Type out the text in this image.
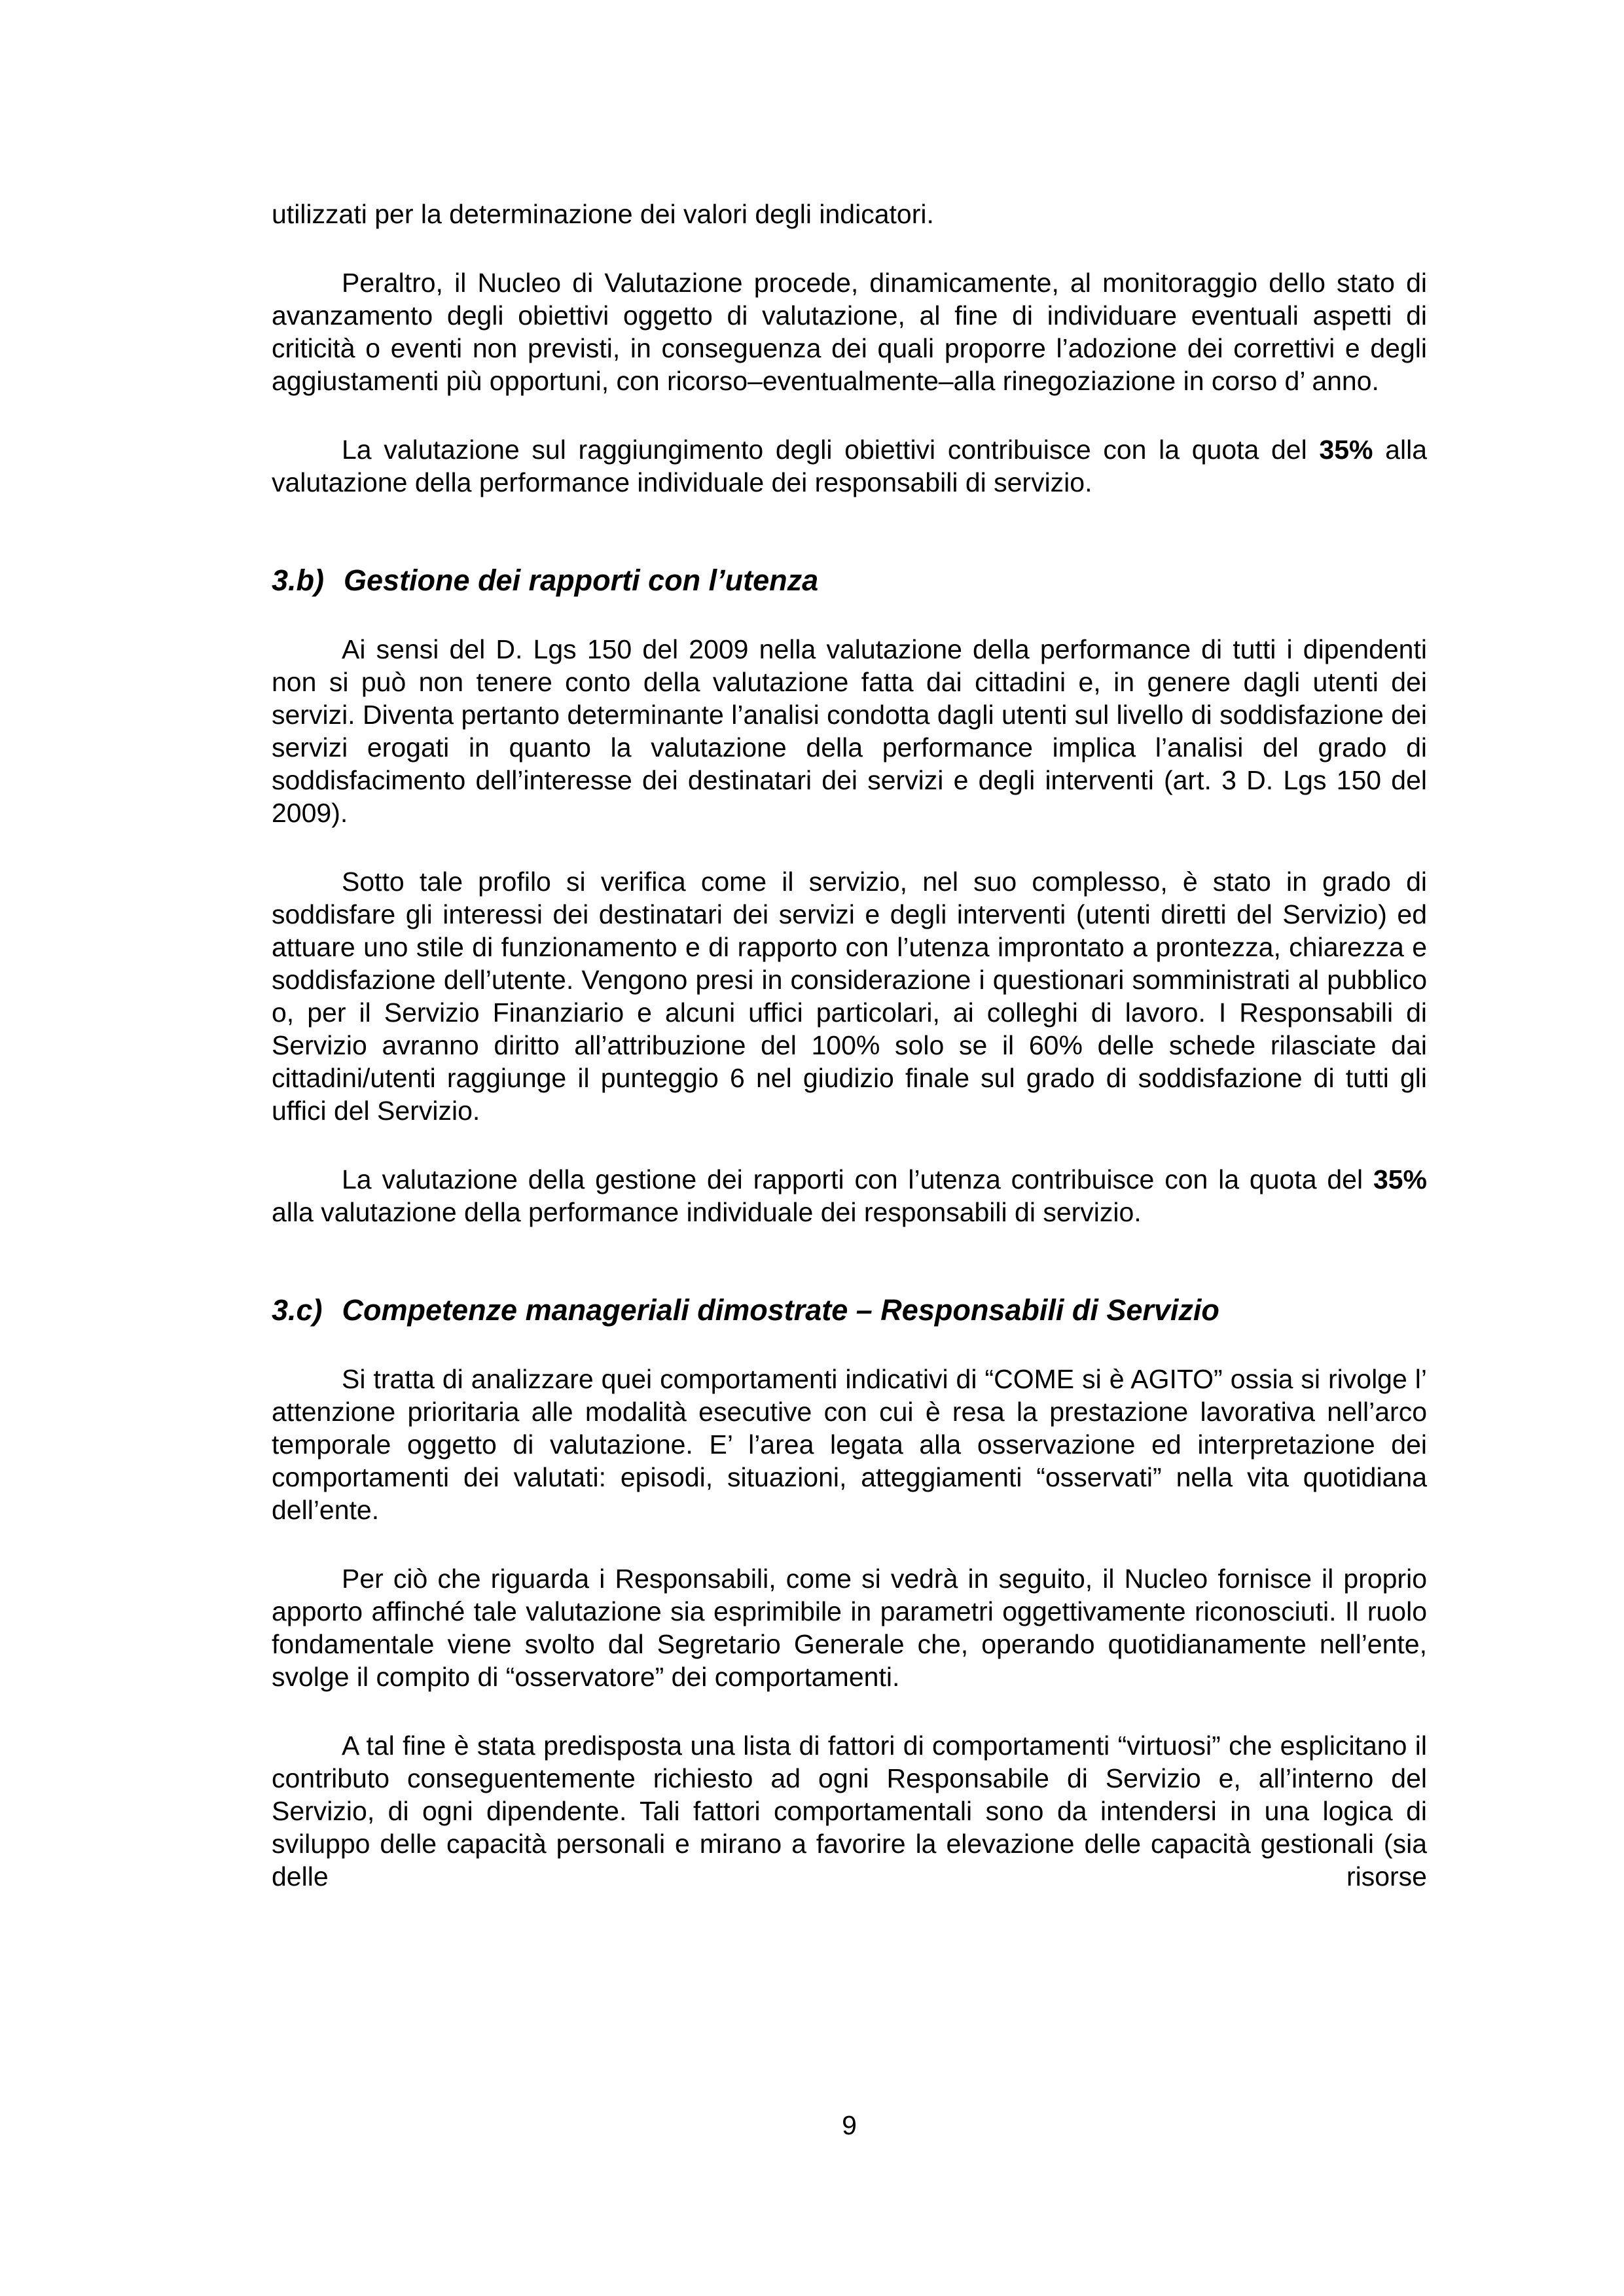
utilizzati per la determinazione dei valori degli indicatori.

Peraltro, il Nucleo di Valutazione procede, dinamicamente, al monitoraggio dello stato di avanzamento degli obiettivi oggetto di valutazione, al fine di individuare eventuali aspetti di criticità o eventi non previsti, in conseguenza dei quali proporre l’adozione dei correttivi e degli aggiustamenti più opportuni, con ricorso–eventualmente–alla rinegoziazione in corso d’ anno.

La valutazione sul raggiungimento degli obiettivi contribuisce con la quota del 35% alla valutazione della performance individuale dei responsabili di servizio.

3.b) Gestione dei rapporti con l’utenza

Ai sensi del D. Lgs 150 del 2009 nella valutazione della performance di tutti i dipendenti non si può non tenere conto della valutazione fatta dai cittadini e, in genere dagli utenti dei servizi. Diventa pertanto determinante l’analisi condotta dagli utenti sul livello di soddisfazione dei servizi erogati in quanto la valutazione della performance implica l’analisi del grado di soddisfacimento dell’interesse dei destinatari dei servizi e degli interventi (art. 3 D. Lgs 150 del 2009).

Sotto tale profilo si verifica come il servizio, nel suo complesso, è stato in grado di soddisfare gli interessi dei destinatari dei servizi e degli interventi (utenti diretti del Servizio) ed attuare uno stile di funzionamento e di rapporto con l’utenza improntato a prontezza, chiarezza e soddisfazione dell’utente. Vengono presi in considerazione i questionari somministrati al pubblico o, per il Servizio Finanziario e alcuni uffici particolari, ai colleghi di lavoro. I Responsabili di Servizio avranno diritto all’attribuzione del 100% solo se il 60% delle schede rilasciate dai cittadini/utenti raggiunge il punteggio 6 nel giudizio finale sul grado di soddisfazione di tutti gli uffici del Servizio.

La valutazione della gestione dei rapporti con l’utenza contribuisce con la quota del 35% alla valutazione della performance individuale dei responsabili di servizio.

3.c) Competenze manageriali dimostrate – Responsabili di Servizio

Si tratta di analizzare quei comportamenti indicativi di “COME si è AGITO” ossia si rivolge l’ attenzione prioritaria alle modalità esecutive con cui è resa la prestazione lavorativa nell’arco temporale oggetto di valutazione. E’ l’area legata alla osservazione ed interpretazione dei comportamenti dei valutati: episodi, situazioni, atteggiamenti “osservati” nella vita quotidiana dell’ente.

Per ciò che riguarda i Responsabili, come si vedrà in seguito, il Nucleo fornisce il proprio apporto affinché tale valutazione sia esprimibile in parametri oggettivamente riconosciuti. Il ruolo fondamentale viene svolto dal Segretario Generale che, operando quotidianamente nell’ente, svolge il compito di “osservatore” dei comportamenti.

A tal fine è stata predisposta una lista di fattori di comportamenti “virtuosi” che esplicitano il contributo conseguentemente richiesto ad ogni Responsabile di Servizio e, all’interno del Servizio, di ogni dipendente. Tali fattori comportamentali sono da intendersi in una logica di sviluppo delle capacità personali e mirano a favorire la elevazione delle capacità gestionali (sia delle risorse

9
